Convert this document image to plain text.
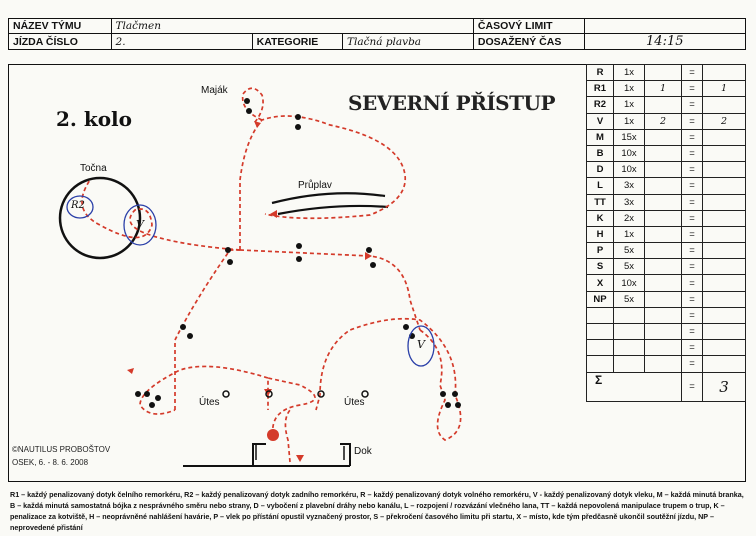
NÁZEV TÝMU	Tlačmen			ČASOVÝ LIMIT	
JÍZDA ČÍSLO	2.	KATEGORIE	Tlačná plavba	DOSAŽENÝ ČAS	14:15
SEVERNÍ PŘÍSTUP
2. kolo
Maják
Točna
Průplav
Útes	Útes
Dok
R2
V
V
©NAUTILUS PROBOŠTOV
OSEK, 6. - 8. 6. 2008
R	1x		=	
R1	1x	1	=	1
R2	1x		=	
V	1x	2	=	2
M	15x		=	
B	10x		=	
D	10x		=	
L	3x		=	
TT	3x		=	
K	2x		=	
H	1x		=	
P	5x		=	
S	5x		=	
X	10x		=	
NP	5x		=	
			=	
			=	
			=	
			=	
Σ			=	3
R1 – každý penalizovaný dotyk čelního remorkéru, R2 – každý penalizovaný dotyk zadního remorkéru, R – každý penalizovaný dotyk volného remorkéru, V - každý penalizovaný dotyk vleku, M – každá minutá branka, B – každá minutá samostatná bójka z nesprávného směru nebo strany, D – vybočení z plavební dráhy nebo kanálu, L – rozpojení / rozvázání vlečného lana, TT – každá nepovolená manipulace trupem o trup, K – penalizace za kotviště, H – neoprávněné nahlášení havárie, P – vlek po přístání opustil vyznačený prostor, S – překročení časového limitu při startu, X – místo, kde tým předčasně ukončil soutěžní jízdu, NP – neprovedené přistání
